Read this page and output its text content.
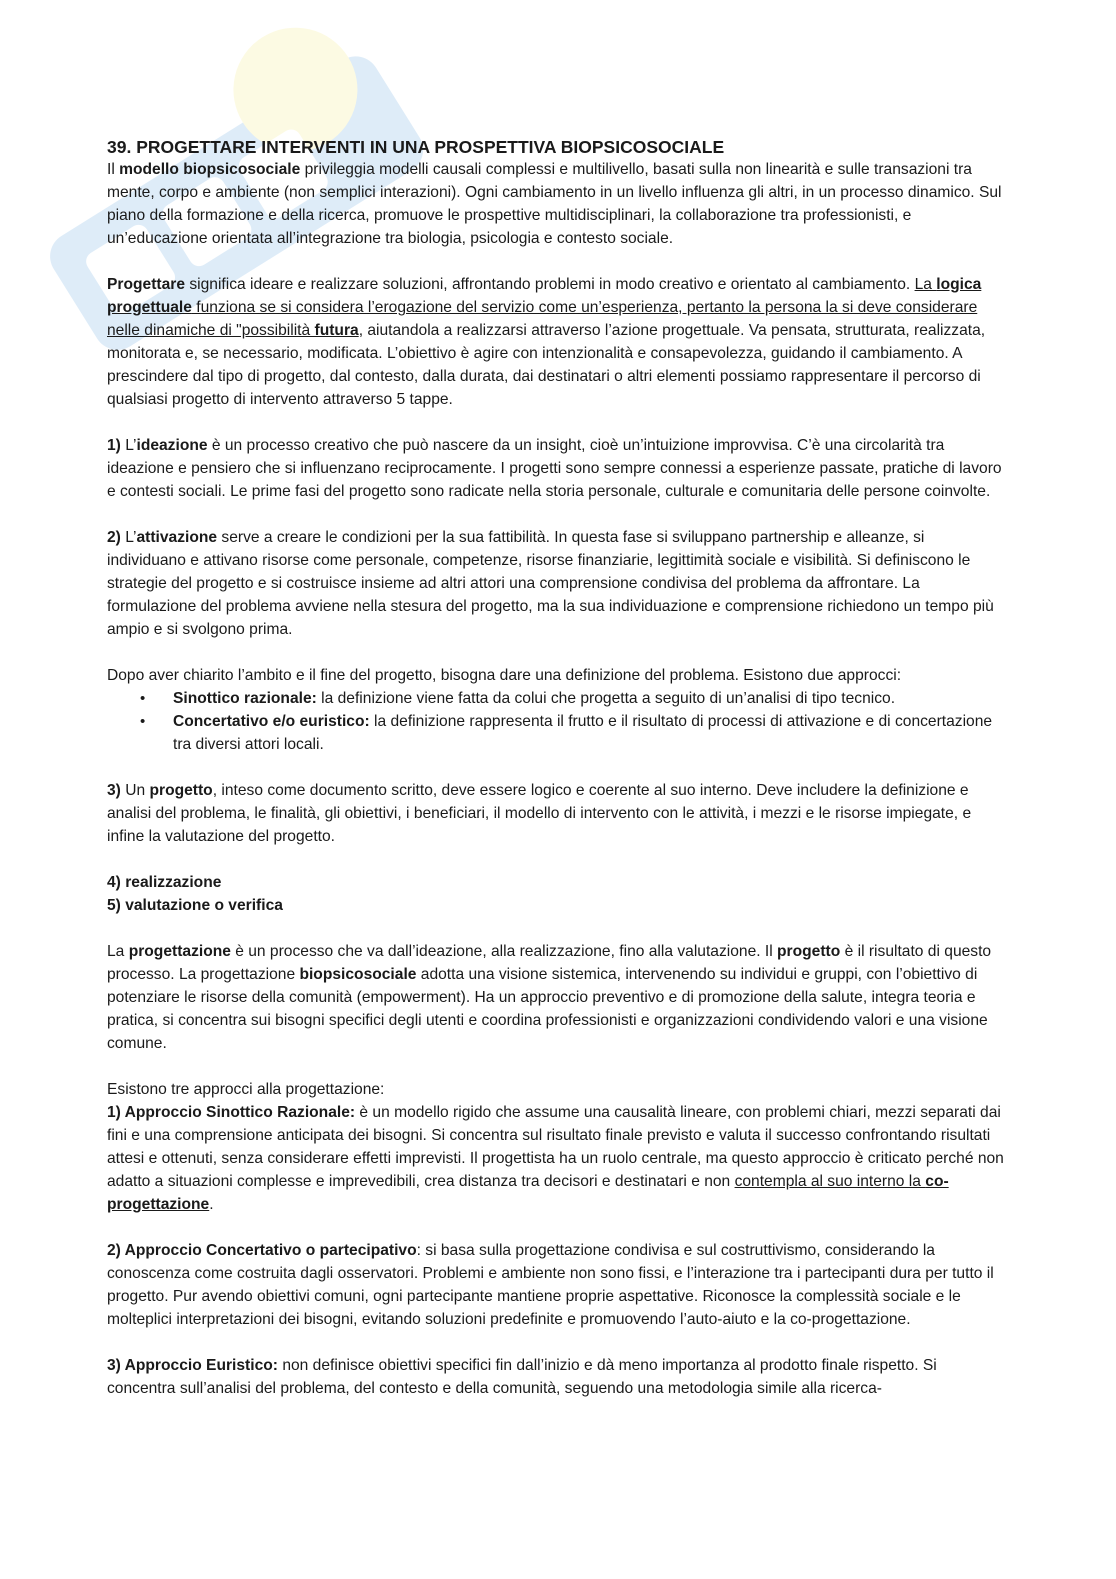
39. PROGETTARE INTERVENTI IN UNA PROSPETTIVA BIOPSICOSOCIALE

Il modello biopsicosociale privileggia modelli causali complessi e multilivello, basati sulla non linearità e sulle transazioni tra mente, corpo e ambiente (non semplici interazioni). Ogni cambiamento in un livello influenza gli altri, in un processo dinamico. Sul piano della formazione e della ricerca, promuove le prospettive multidisciplinari, la collaborazione tra professionisti, e un’educazione orientata all’integrazione tra biologia, psicologia e contesto sociale.

Progettare significa ideare e realizzare soluzioni, affrontando problemi in modo creativo e orientato al cambiamento. La logica progettuale funziona se si considera l’erogazione del servizio come un’esperienza, pertanto la persona la si deve considerare nelle dinamiche di "possibilità futura, aiutandola a realizzarsi attraverso l’azione progettuale. Va pensata, strutturata, realizzata, monitorata e, se necessario, modificata. L’obiettivo è agire con intenzionalità e consapevolezza, guidando il cambiamento. A prescindere dal tipo di progetto, dal contesto, dalla durata, dai destinatari o altri elementi possiamo rappresentare il percorso di qualsiasi progetto di intervento attraverso 5 tappe.

1) L’ideazione è un processo creativo che può nascere da un insight, cioè un’intuizione improvvisa. C’è una circolarità tra ideazione e pensiero che si influenzano reciprocamente. I progetti sono sempre connessi a esperienze passate, pratiche di lavoro e contesti sociali. Le prime fasi del progetto sono radicate nella storia personale, culturale e comunitaria delle persone coinvolte.

2) L’attivazione serve a creare le condizioni per la sua fattibilità. In questa fase si sviluppano partnership e alleanze, si individuano e attivano risorse come personale, competenze, risorse finanziarie, legittimità sociale e visibilità. Si definiscono le strategie del progetto e si costruisce insieme ad altri attori una comprensione condivisa del problema da affrontare. La formulazione del problema avviene nella stesura del progetto, ma la sua individuazione e comprensione richiedono un tempo più ampio e si svolgono prima.

Dopo aver chiarito l’ambito e il fine del progetto, bisogna dare una definizione del problema. Esistono due approcci:

• Sinottico razionale: la definizione viene fatta da colui che progetta a seguito di un’analisi di tipo tecnico.
• Concertativo e/o euristico: la definizione rappresenta il frutto e il risultato di processi di attivazione e di concertazione tra diversi attori locali.

3) Un progetto, inteso come documento scritto, deve essere logico e coerente al suo interno. Deve includere la definizione e analisi del problema, le finalità, gli obiettivi, i beneficiari, il modello di intervento con le attività, i mezzi e le risorse impiegate, e infine la valutazione del progetto.

4) realizzazione

5) valutazione o verifica

La progettazione è un processo che va dall’ideazione, alla realizzazione, fino alla valutazione. Il progetto è il risultato di questo processo. La progettazione biopsicosociale adotta una visione sistemica, intervenendo su individui e gruppi, con l’obiettivo di potenziare le risorse della comunità (empowerment). Ha un approccio preventivo e di promozione della salute, integra teoria e pratica, si concentra sui bisogni specifici degli utenti e coordina professionisti e organizzazioni condividendo valori e una visione comune.

Esistono tre approcci alla progettazione:

1) Approccio Sinottico Razionale: è un modello rigido che assume una causalità lineare, con problemi chiari, mezzi separati dai fini e una comprensione anticipata dei bisogni. Si concentra sul risultato finale previsto e valuta il successo confrontando risultati attesi e ottenuti, senza considerare effetti imprevisti. Il progettista ha un ruolo centrale, ma questo approccio è criticato perché non adatto a situazioni complesse e imprevedibili, crea distanza tra decisori e destinatari e non contempla al suo interno la co-progettazione.

2) Approccio Concertativo o partecipativo: si basa sulla progettazione condivisa e sul costruttivismo, considerando la conoscenza come costruita dagli osservatori. Problemi e ambiente non sono fissi, e l’interazione tra i partecipanti dura per tutto il progetto. Pur avendo obiettivi comuni, ogni partecipante mantiene proprie aspettative. Riconosce la complessità sociale e le molteplici interpretazioni dei bisogni, evitando soluzioni predefinite e promuovendo l’auto-aiuto e la co-progettazione.

3) Approccio Euristico: non definisce obiettivi specifici fin dall’inizio e dà meno importanza al prodotto finale rispetto. Si concentra sull’analisi del problema, del contesto e della comunità, seguendo una metodologia simile alla ricerca-
